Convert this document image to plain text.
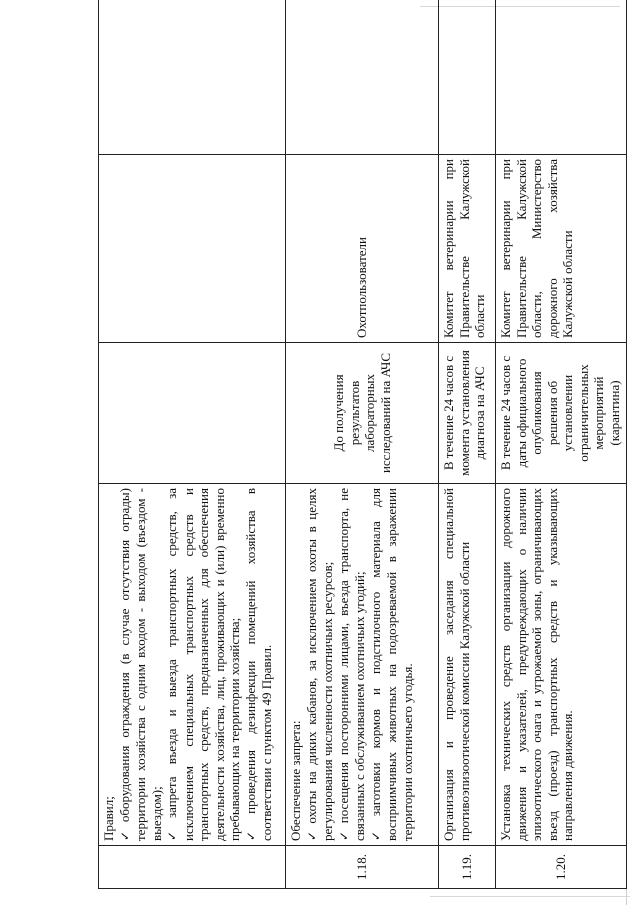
	Правил; ✓оборудования ограждения (в случае отсутствия ограды) территории хозяйства с одним входом - выходом (въездом - выездом); ✓запрета въезда и выезда транспортных средств, за исключением специальных транспортных средств и транспортных средств, предназначенных для обеспечения деятельности хозяйства, лиц, проживающих и (или) временно пребывающих на территории хозяйства; ✓проведения дезинфекции помещений хозяйства в соответствии с пунктом 49 Правил.			

1.18.	Обеспечение запрета: ✓охоты на диких кабанов, за исключением охоты в целях регулирования численности охотничьих ресурсов; ✓посещения посторонними лицами, въезда транспорта, не связанных с обслуживанием охотничьих угодий; ✓заготовки кормов и подстилочного материала для восприимчивых животных на подозреваемой в заражении территории охотничьего угодья.	До получения результатов лабораторных исследований на АЧС	Охотпользователи	
1.19.	Организация и проведение заседания специальной противоэпизоотической комиссии Калужской области	В течение 24 часов с момента установления диагноза на АЧС	Комитет ветеринарии при Правительстве Калужской области	
1.20.	Установка технических средств организации дорожного движения и указателей, предупреждающих о наличии эпизоотического очага и угрожаемой зоны, ограничивающих въезд (проезд) транспортных средств и указывающих направления движения.	В течение 24 часов с даты официального опубликования решения об установлении ограничительных мероприятий (карантина)	Комитет ветеринарии при Правительстве Калужской области, Министерство дорожного хозяйства Калужской области	
